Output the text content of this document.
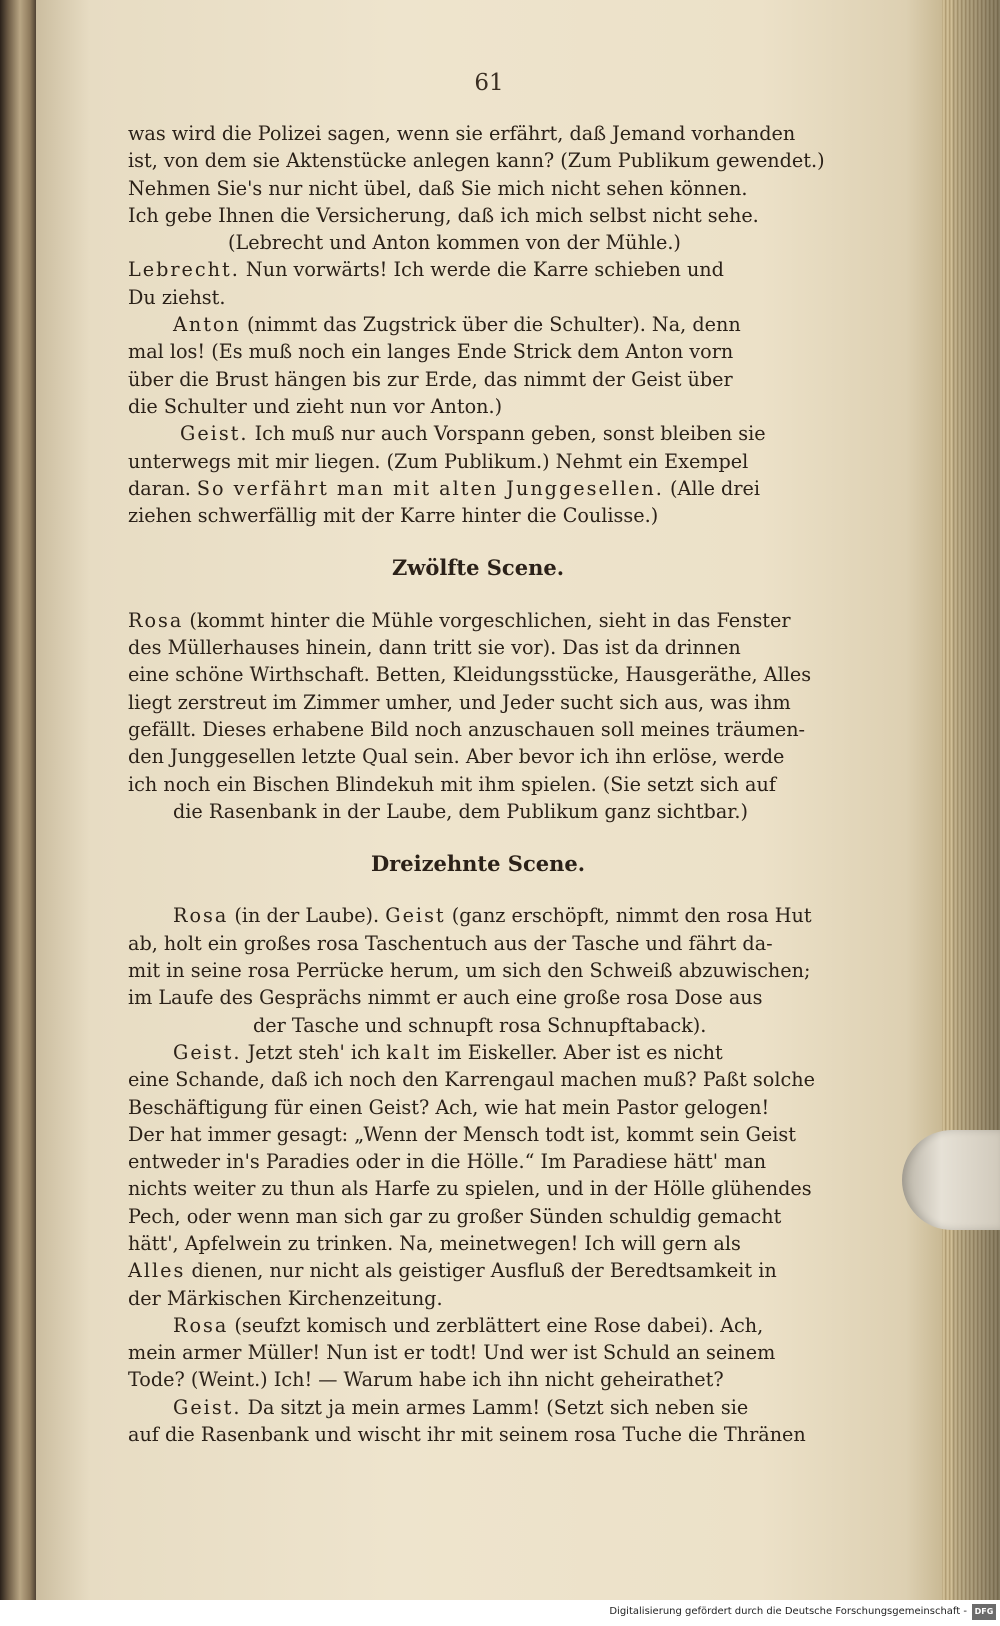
61
was wird die Polizei sagen, wenn sie erfährt, daß Jemand vorhanden
ist, von dem sie Aktenstücke anlegen kann? (Zum Publikum gewendet.)
Nehmen Sie's nur nicht übel, daß Sie mich nicht sehen können.
Ich gebe Ihnen die Versicherung, daß ich mich selbst nicht sehe.
(Lebrecht und Anton kommen von der Mühle.)
Lebrecht. Nun vorwärts! Ich werde die Karre schieben und
Du ziehst.
Anton (nimmt das Zugstrick über die Schulter). Na, denn
mal los! (Es muß noch ein langes Ende Strick dem Anton vorn
über die Brust hängen bis zur Erde, das nimmt der Geist über
die Schulter und zieht nun vor Anton.)
Geist. Ich muß nur auch Vorspann geben, sonst bleiben sie
unterwegs mit mir liegen. (Zum Publikum.) Nehmt ein Exempel
daran. So verfährt man mit alten Junggesellen. (Alle drei
ziehen schwerfällig mit der Karre hinter die Coulisse.)
Zwölfte Scene.
Rosa (kommt hinter die Mühle vorgeschlichen, sieht in das Fenster
des Müllerhauses hinein, dann tritt sie vor). Das ist da drinnen
eine schöne Wirthschaft. Betten, Kleidungsstücke, Hausgeräthe, Alles
liegt zerstreut im Zimmer umher, und Jeder sucht sich aus, was ihm
gefällt. Dieses erhabene Bild noch anzuschauen soll meines träumen-
den Junggesellen letzte Qual sein. Aber bevor ich ihn erlöse, werde
ich noch ein Bischen Blindekuh mit ihm spielen. (Sie setzt sich auf
die Rasenbank in der Laube, dem Publikum ganz sichtbar.)
Dreizehnte Scene.
Rosa (in der Laube). Geist (ganz erschöpft, nimmt den rosa Hut
ab, holt ein großes rosa Taschentuch aus der Tasche und fährt da-
mit in seine rosa Perrücke herum, um sich den Schweiß abzuwischen;
im Laufe des Gesprächs nimmt er auch eine große rosa Dose aus
der Tasche und schnupft rosa Schnupftaback).
Geist. Jetzt steh' ich kalt im Eiskeller. Aber ist es nicht
eine Schande, daß ich noch den Karrengaul machen muß? Paßt solche
Beschäftigung für einen Geist? Ach, wie hat mein Pastor gelogen!
Der hat immer gesagt: „Wenn der Mensch todt ist, kommt sein Geist
entweder in's Paradies oder in die Hölle.“ Im Paradiese hätt' man
nichts weiter zu thun als Harfe zu spielen, und in der Hölle glühendes
Pech, oder wenn man sich gar zu großer Sünden schuldig gemacht
hätt', Apfelwein zu trinken. Na, meinetwegen! Ich will gern als
Alles dienen, nur nicht als geistiger Ausfluß der Beredtsamkeit in
der Märkischen Kirchenzeitung.
Rosa (seufzt komisch und zerblättert eine Rose dabei). Ach,
mein armer Müller! Nun ist er todt! Und wer ist Schuld an seinem
Tode? (Weint.) Ich! — Warum habe ich ihn nicht geheirathet?
Geist. Da sitzt ja mein armes Lamm! (Setzt sich neben sie
auf die Rasenbank und wischt ihr mit seinem rosa Tuche die Thränen
Digitalisierung gefördert durch die Deutsche Forschungsgemeinschaft - DFG
